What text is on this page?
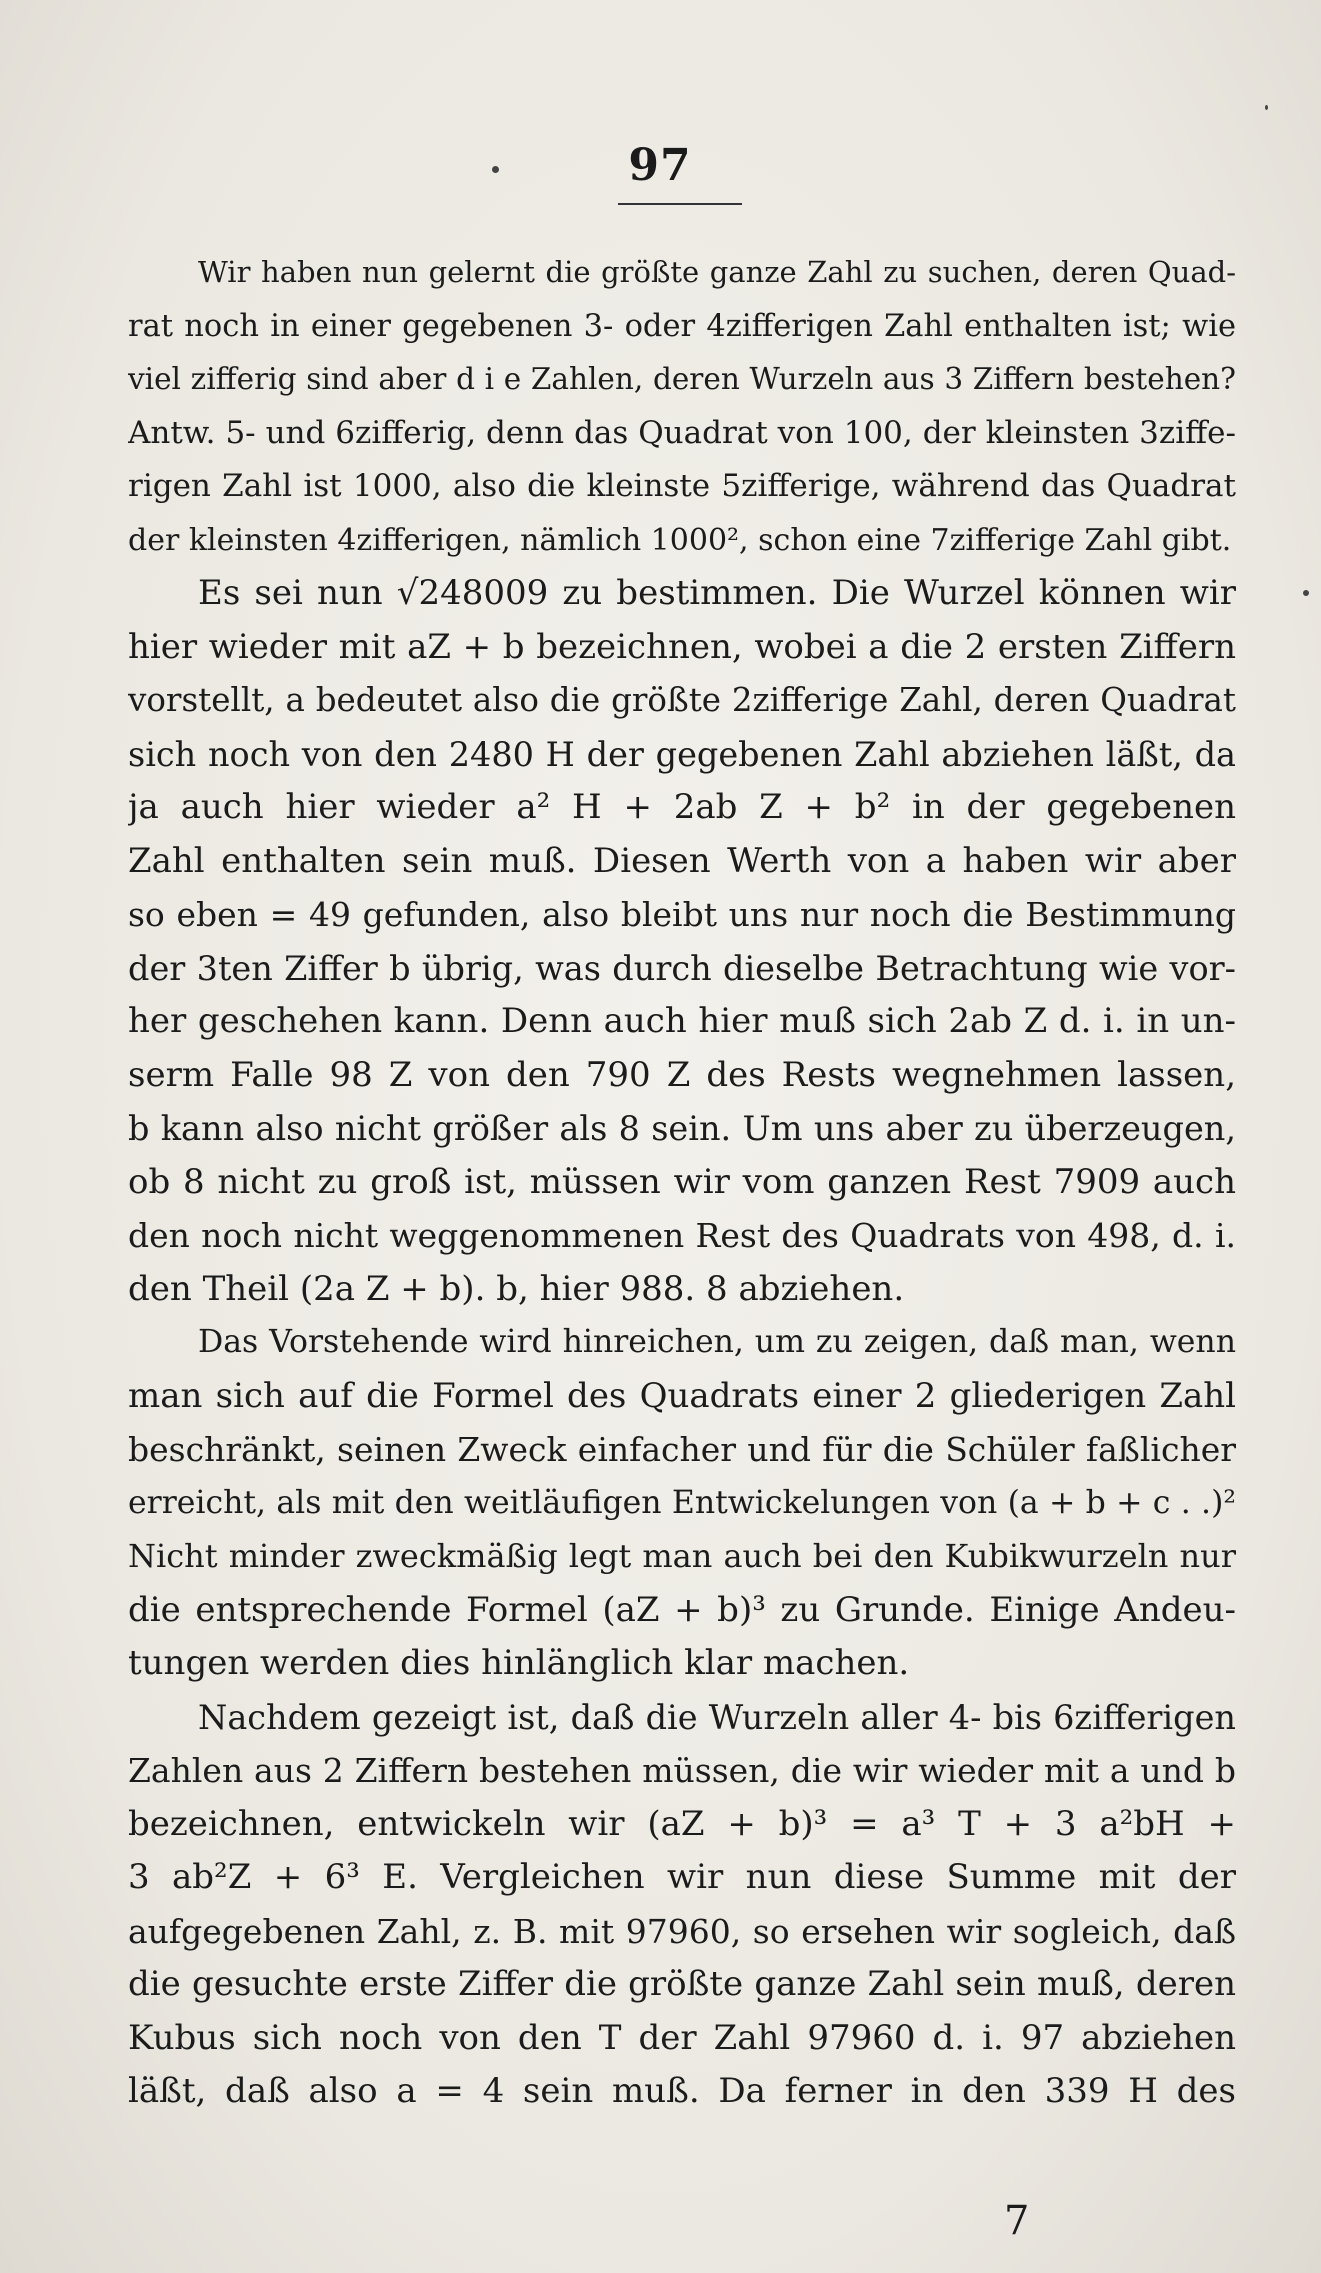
97

Wir haben nun gelernt die größte ganze Zahl zu suchen, deren Quad-
rat noch in einer gegebenen 3- oder 4zifferigen Zahl enthalten ist; wie
viel zifferig sind aber d i e Zahlen, deren Wurzeln aus 3 Ziffern bestehen?
Antw. 5- und 6zifferig, denn das Quadrat von 100, der kleinsten 3ziffe-
rigen Zahl ist 1000, also die kleinste 5zifferige, während das Quadrat
der kleinsten 4zifferigen, nämlich 1000², schon eine 7zifferige Zahl gibt.

Es sei nun √248009 zu bestimmen. Die Wurzel können wir
hier wieder mit aZ + b bezeichnen, wobei a die 2 ersten Ziffern
vorstellt, a bedeutet also die größte 2zifferige Zahl, deren Quadrat
sich noch von den 2480 H der gegebenen Zahl abziehen läßt, da
ja auch hier wieder a² H + 2ab Z + b² in der gegebenen
Zahl enthalten sein muß. Diesen Werth von a haben wir aber
so eben = 49 gefunden, also bleibt uns nur noch die Bestimmung
der 3ten Ziffer b übrig, was durch dieselbe Betrachtung wie vor-
her geschehen kann. Denn auch hier muß sich 2ab Z d. i. in un-
serm Falle 98 Z von den 790 Z des Rests wegnehmen lassen,
b kann also nicht größer als 8 sein. Um uns aber zu überzeugen,
ob 8 nicht zu groß ist, müssen wir vom ganzen Rest 7909 auch
den noch nicht weggenommenen Rest des Quadrats von 498, d. i.
den Theil (2a Z + b). b, hier 988. 8 abziehen.

Das Vorstehende wird hinreichen, um zu zeigen, daß man, wenn
man sich auf die Formel des Quadrats einer 2 gliederigen Zahl
beschränkt, seinen Zweck einfacher und für die Schüler faßlicher
erreicht, als mit den weitläufigen Entwickelungen von (a + b + c . .)²
Nicht minder zweckmäßig legt man auch bei den Kubikwurzeln nur
die entsprechende Formel (aZ + b)³ zu Grunde. Einige Andeu-
tungen werden dies hinlänglich klar machen.

Nachdem gezeigt ist, daß die Wurzeln aller 4- bis 6zifferigen
Zahlen aus 2 Ziffern bestehen müssen, die wir wieder mit a und b
bezeichnen, entwickeln wir (aZ + b)³ = a³ T + 3 a²bH +
3 ab²Z + 6³ E. Vergleichen wir nun diese Summe mit der
aufgegebenen Zahl, z. B. mit 97960, so ersehen wir sogleich, daß
die gesuchte erste Ziffer die größte ganze Zahl sein muß, deren
Kubus sich noch von den T der Zahl 97960 d. i. 97 abziehen
läßt, daß also a = 4 sein muß. Da ferner in den 339 H des

7
